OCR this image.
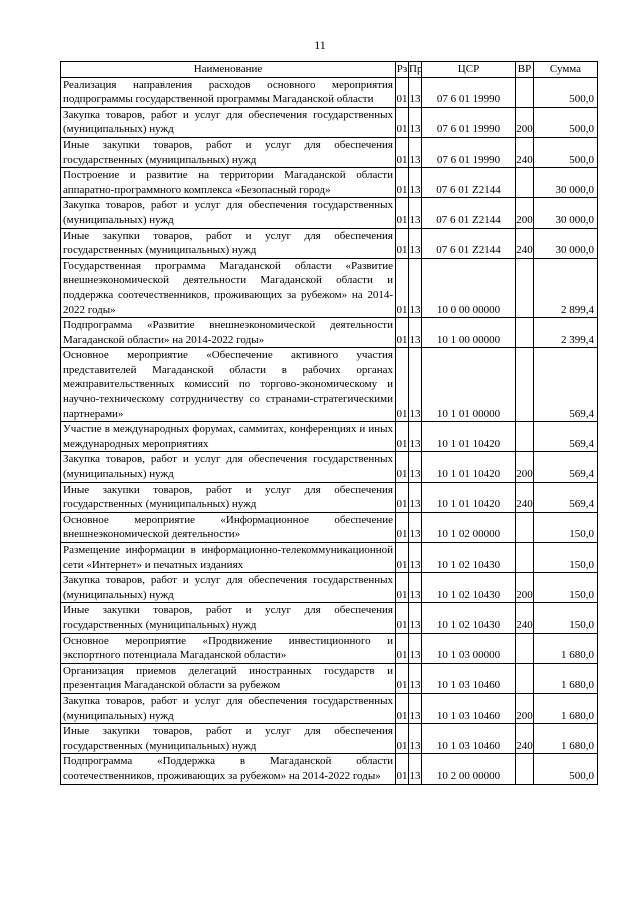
11
Наименование	Рз	Пр	ЦСР	ВР	Сумма
Реализация направления расходов основного мероприятия подпрограммы государственной программы Магаданской области	01	13	07 6 01 19990		500,0
Закупка товаров, работ и услуг для обеспечения государственных (муниципальных) нужд	01	13	07 6 01 19990	200	500,0
Иные закупки товаров, работ и услуг для обеспечения государственных (муниципальных) нужд	01	13	07 6 01 19990	240	500,0
Построение и развитие на территории Магаданской области аппаратно-программного комплекса «Безопасный город»	01	13	07 6 01 Z2144		30 000,0
Закупка товаров, работ и услуг для обеспечения государственных (муниципальных) нужд	01	13	07 6 01 Z2144	200	30 000,0
Иные закупки товаров, работ и услуг для обеспечения государственных (муниципальных) нужд	01	13	07 6 01 Z2144	240	30 000,0
Государственная программа Магаданской области «Развитие внешнеэкономической деятельности Магаданской области и поддержка соотечественников, проживающих за рубежом» на 2014-2022 годы»	01	13	10 0 00 00000		2 899,4
Подпрограмма «Развитие внешнеэкономической деятельности Магаданской области» на 2014-2022 годы»	01	13	10 1 00 00000		2 399,4
Основное мероприятие «Обеспечение активного участия представителей Магаданской области в рабочих органах межправительственных комиссий по торгово-экономическому и научно-техническому сотрудничеству со странами-стратегическими партнерами»	01	13	10 1 01 00000		569,4
Участие в международных форумах, саммитах, конференциях и иных международных мероприятиях	01	13	10 1 01 10420		569,4
Закупка товаров, работ и услуг для обеспечения государственных (муниципальных) нужд	01	13	10 1 01 10420	200	569,4
Иные закупки товаров, работ и услуг для обеспечения государственных (муниципальных) нужд	01	13	10 1 01 10420	240	569,4
Основное мероприятие «Информационное обеспечение внешнеэкономической деятельности»	01	13	10 1 02 00000		150,0
Размещение информации в информационно-телекоммуникационной сети «Интернет» и печатных изданиях	01	13	10 1 02 10430		150,0
Закупка товаров, работ и услуг для обеспечения государственных (муниципальных) нужд	01	13	10 1 02 10430	200	150,0
Иные закупки товаров, работ и услуг для обеспечения государственных (муниципальных) нужд	01	13	10 1 02 10430	240	150,0
Основное мероприятие «Продвижение инвестиционного и экспортного потенциала Магаданской области»	01	13	10 1 03 00000		1 680,0
Организация приемов делегаций иностранных государств и презентация Магаданской области за рубежом	01	13	10 1 03 10460		1 680,0
Закупка товаров, работ и услуг для обеспечения государственных (муниципальных) нужд	01	13	10 1 03 10460	200	1 680,0
Иные закупки товаров, работ и услуг для обеспечения государственных (муниципальных) нужд	01	13	10 1 03 10460	240	1 680,0
Подпрограмма «Поддержка в Магаданской области соотечественников, проживающих за рубежом» на 2014-2022 годы»	01	13	10 2 00 00000		500,0
